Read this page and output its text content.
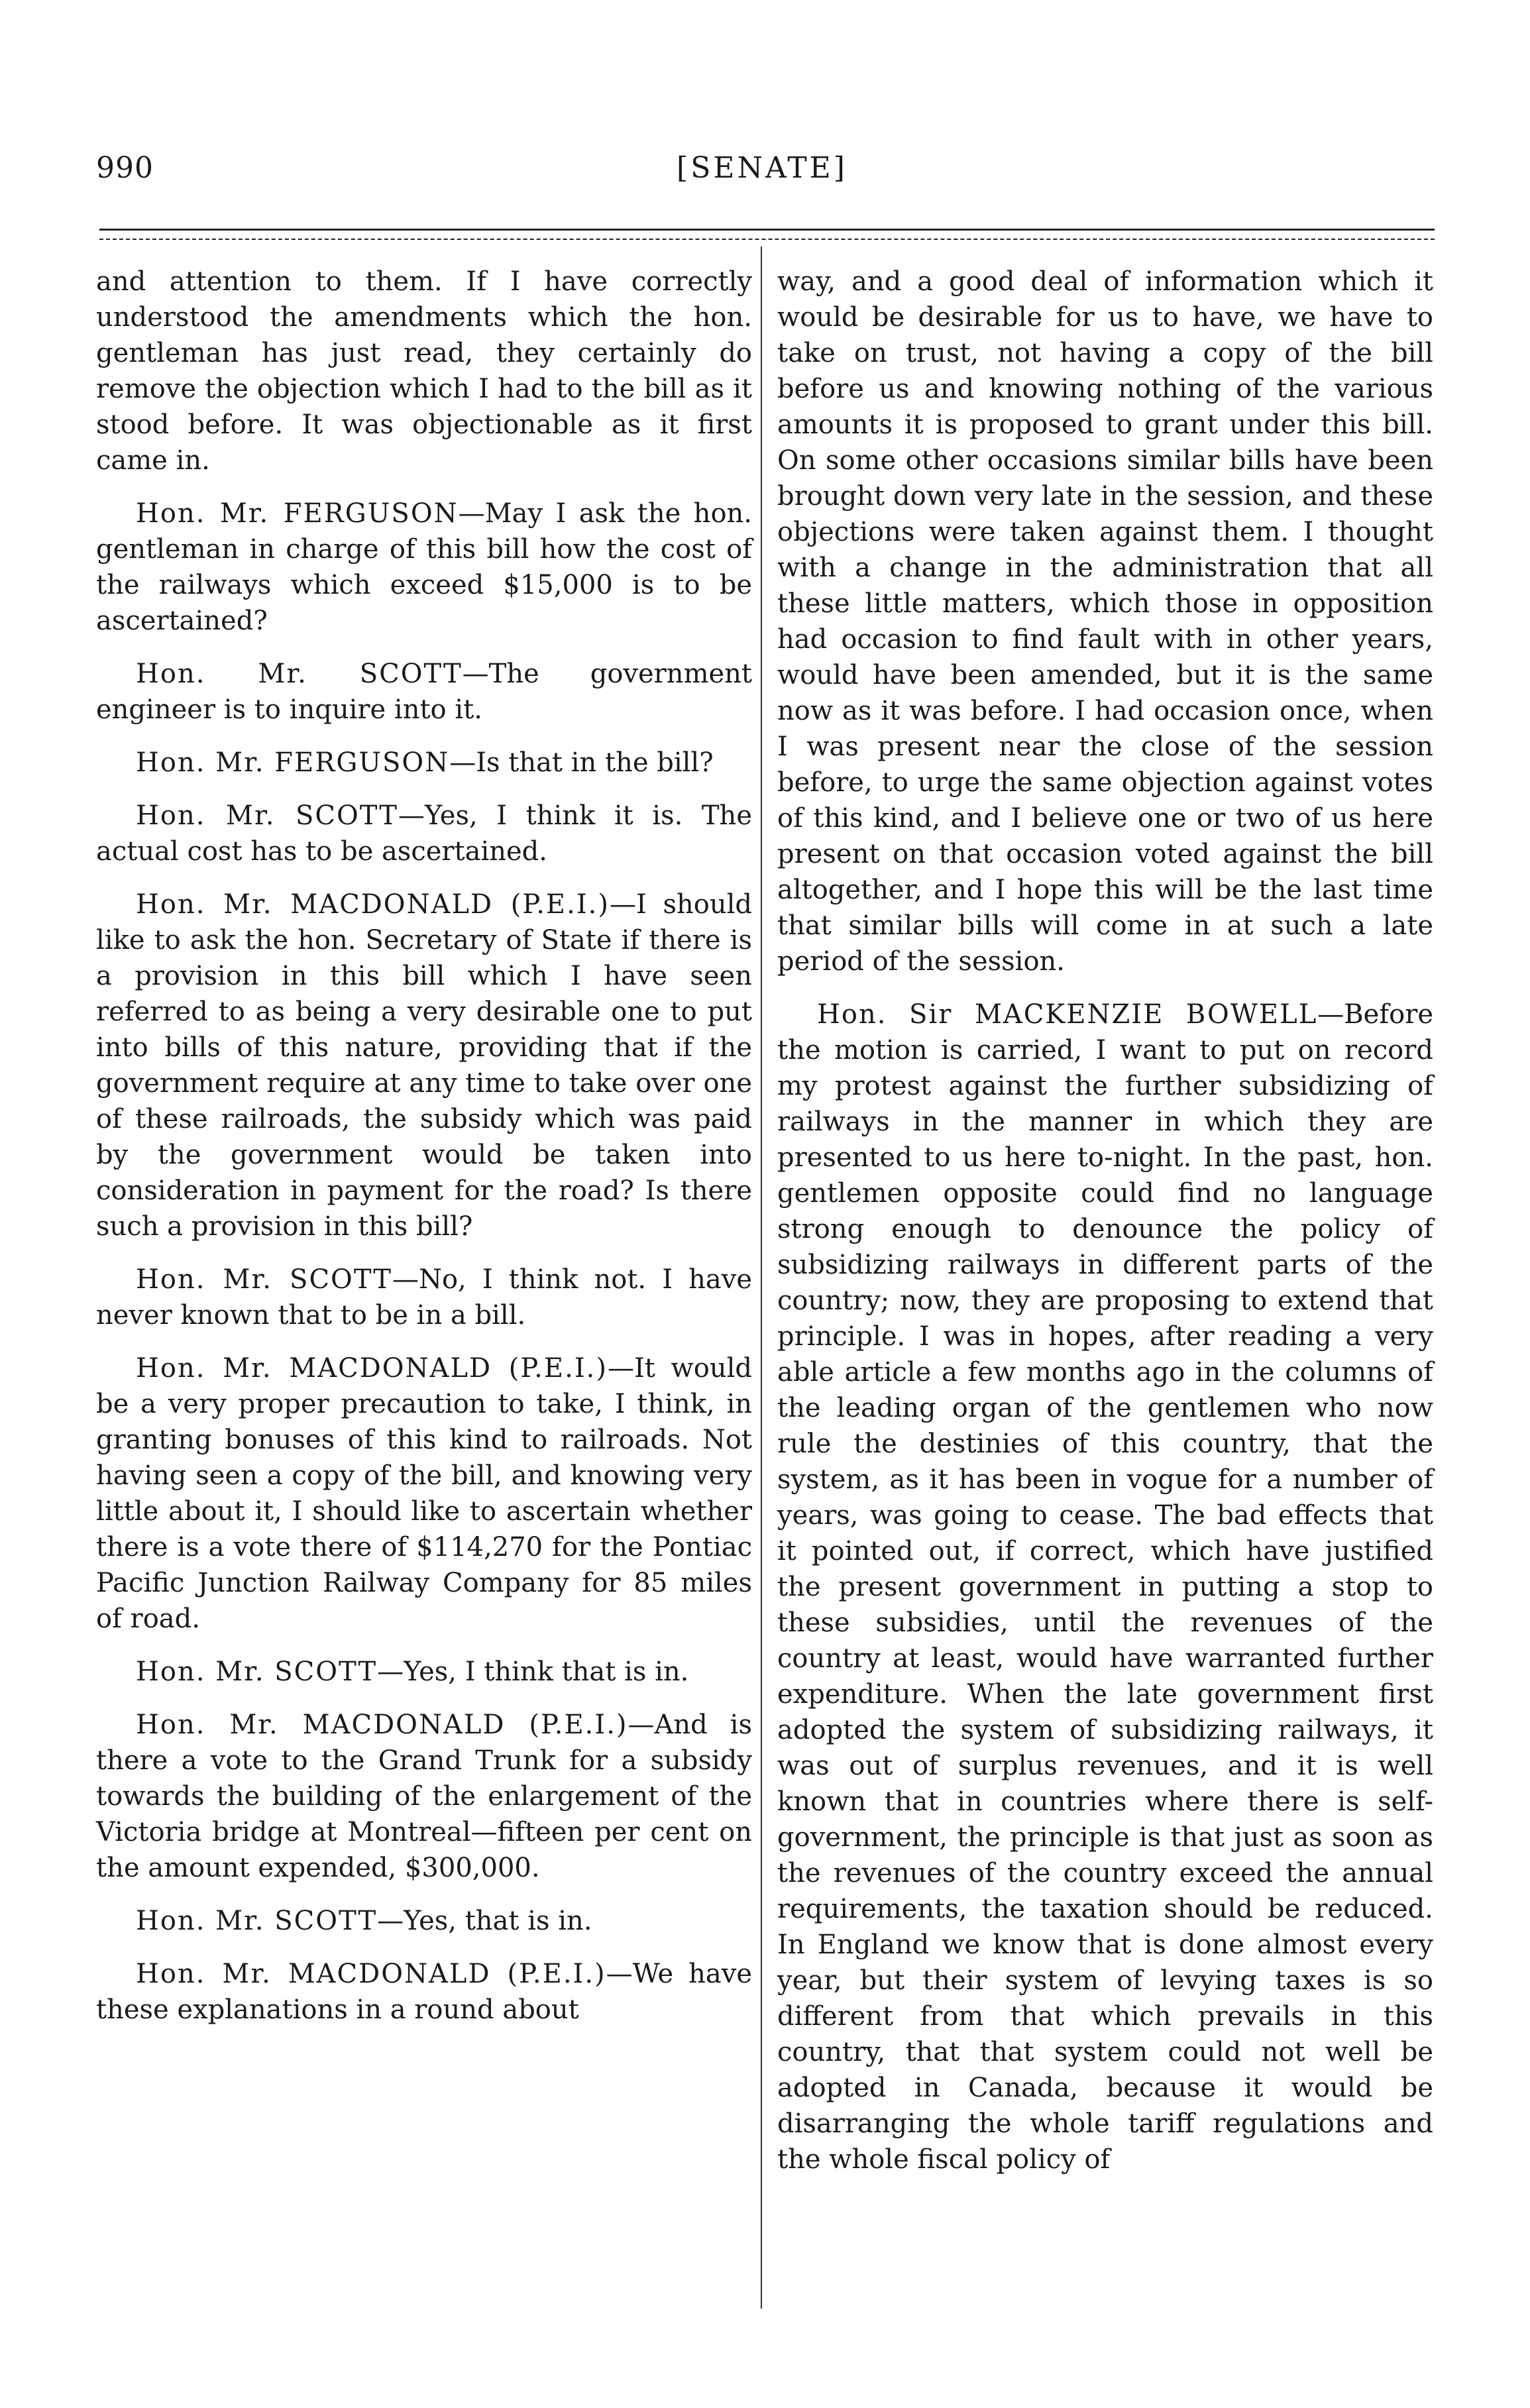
990	[SENATE]

and attention to them. If I have correctly understood the amendments which the hon. gentleman has just read, they certainly do remove the objection which I had to the bill as it stood before. It was objectionable as it first came in.

Hon. Mr. FERGUSON—May I ask the hon. gentleman in charge of this bill how the cost of the railways which exceed $15,000 is to be ascertained?

Hon. Mr. SCOTT—The government engineer is to inquire into it.

Hon. Mr. FERGUSON—Is that in the bill?

Hon. Mr. SCOTT—Yes, I think it is. The actual cost has to be ascertained.

Hon. Mr. MACDONALD (P.E.I.)—I should like to ask the hon. Secretary of State if there is a provision in this bill which I have seen referred to as being a very desirable one to put into bills of this nature, providing that if the government require at any time to take over one of these railroads, the subsidy which was paid by the government would be taken into consideration in payment for the road? Is there such a provision in this bill?

Hon. Mr. SCOTT—No, I think not. I have never known that to be in a bill.

Hon. Mr. MACDONALD (P.E.I.)—It would be a very proper precaution to take, I think, in granting bonuses of this kind to railroads. Not having seen a copy of the bill, and knowing very little about it, I should like to ascertain whether there is a vote there of $114,270 for the Pontiac Pacific Junction Railway Company for 85 miles of road.

Hon. Mr. SCOTT—Yes, I think that is in.

Hon. Mr. MACDONALD (P.E.I.)—And is there a vote to the Grand Trunk for a subsidy towards the building of the enlargement of the Victoria bridge at Montreal—fifteen per cent on the amount expended, $300,000.

Hon. Mr. SCOTT—Yes, that is in.

Hon. Mr. MACDONALD (P.E.I.)—We have these explanations in a round about

way, and a good deal of information which it would be desirable for us to have, we have to take on trust, not having a copy of the bill before us and knowing nothing of the various amounts it is proposed to grant under this bill. On some other occasions similar bills have been brought down very late in the session, and these objections were taken against them. I thought with a change in the administration that all these little matters, which those in opposition had occasion to find fault with in other years, would have been amended, but it is the same now as it was before. I had occasion once, when I was present near the close of the session before, to urge the same objection against votes of this kind, and I believe one or two of us here present on that occasion voted against the bill altogether, and I hope this will be the last time that similar bills will come in at such a late period of the session.

Hon. Sir MACKENZIE BOWELL—Before the motion is carried, I want to put on record my protest against the further subsidizing of railways in the manner in which they are presented to us here to-night. In the past, hon. gentlemen opposite could find no language strong enough to denounce the policy of subsidizing railways in different parts of the country; now, they are proposing to extend that principle. I was in hopes, after reading a very able article a few months ago in the columns of the leading organ of the gentlemen who now rule the destinies of this country, that the system, as it has been in vogue for a number of years, was going to cease. The bad effects that it pointed out, if correct, which have justified the present government in putting a stop to these subsidies, until the revenues of the country at least, would have warranted further expenditure. When the late government first adopted the system of subsidizing railways, it was out of surplus revenues, and it is well known that in countries where there is self-government, the principle is that just as soon as the revenues of the country exceed the annual requirements, the taxation should be reduced. In England we know that is done almost every year, but their system of levying taxes is so different from that which prevails in this country, that that system could not well be adopted in Canada, because it would be disarranging the whole tariff regulations and the whole fiscal policy of
